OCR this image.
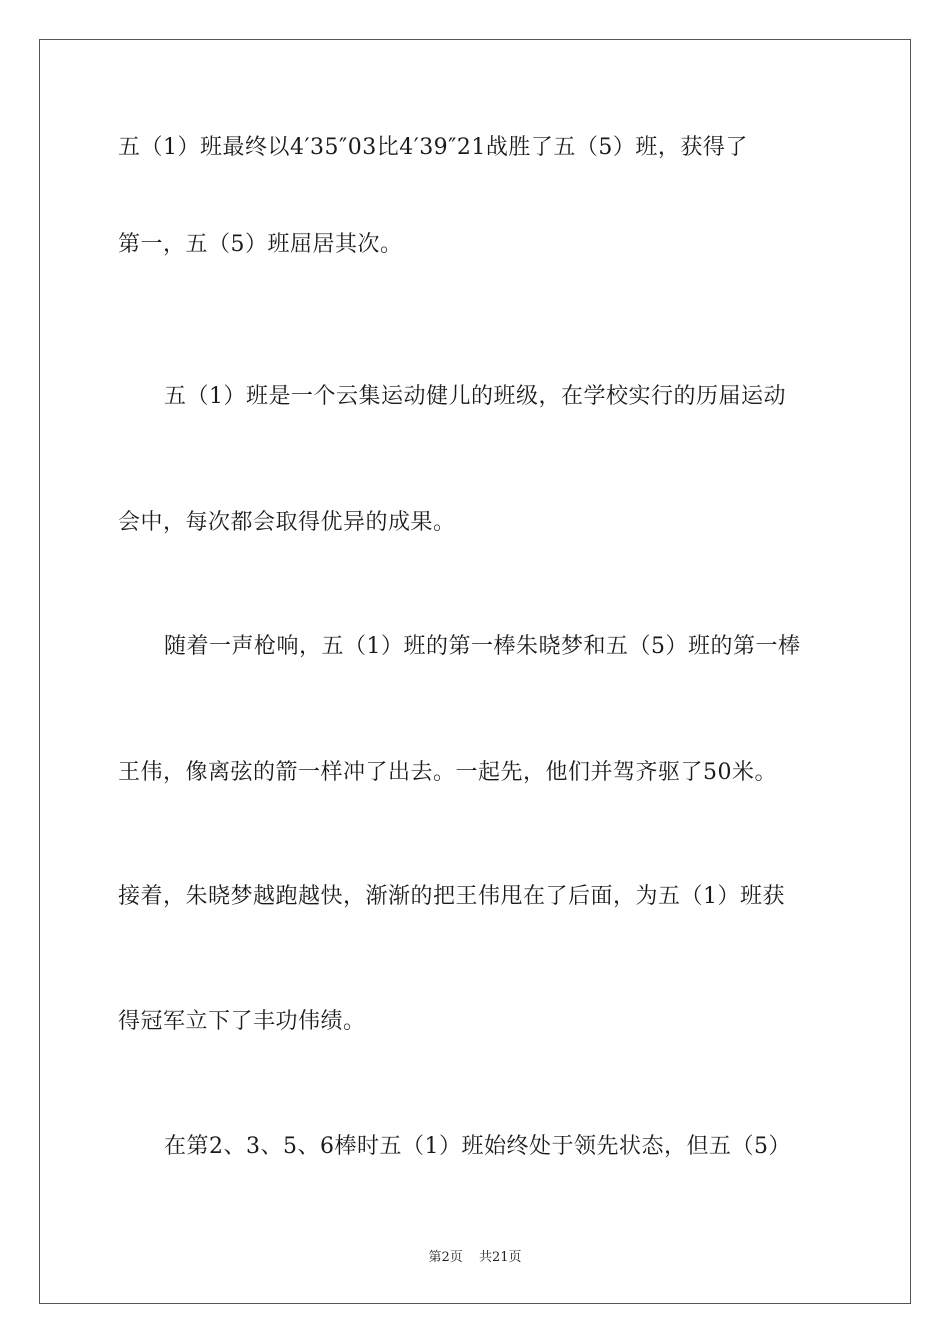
五（1）班最终以4′35″03比4′39″21战胜了五（5）班，获得了
第一，五（5）班屈居其次。
五（1）班是一个云集运动健儿的班级，在学校实行的历届运动
会中，每次都会取得优异的成果。
随着一声枪响，五（1）班的第一棒朱晓梦和五（5）班的第一棒
王伟，像离弦的箭一样冲了出去。一起先，他们并驾齐驱了50米。
接着，朱晓梦越跑越快，渐渐的把王伟甩在了后面，为五（1）班获
得冠军立下了丰功伟绩。
在第2、3、5、6棒时五（1）班始终处于领先状态，但五（5）
第2页 共21页
